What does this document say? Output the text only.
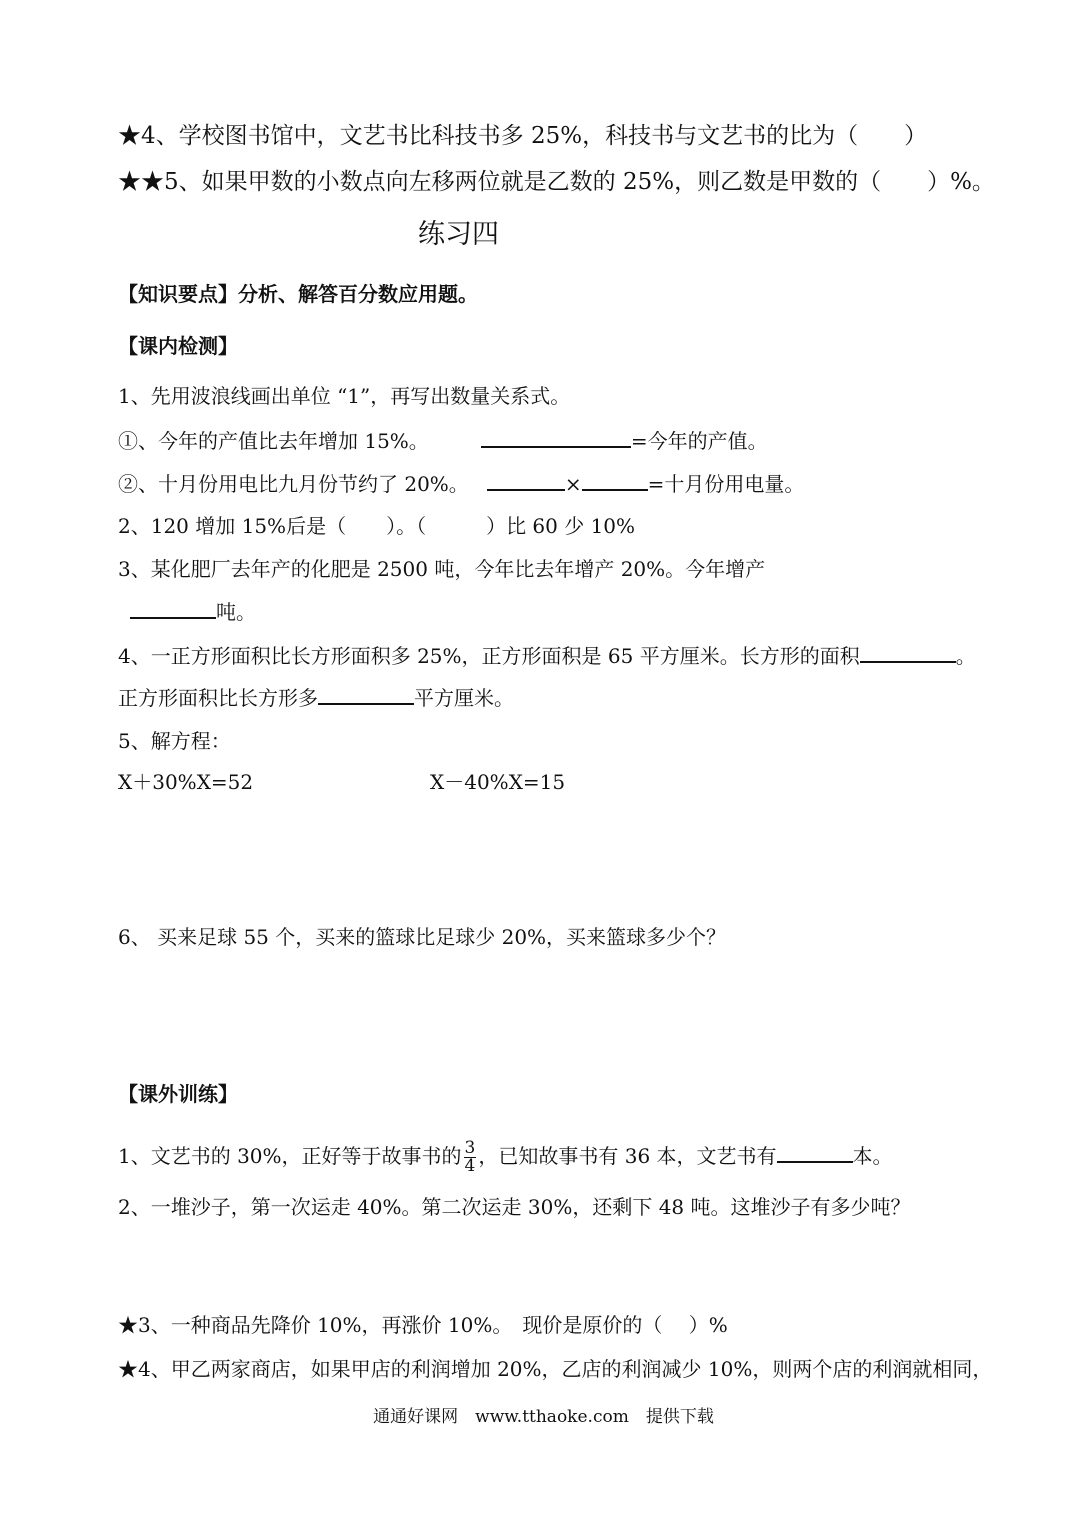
★4、学校图书馆中，文艺书比科技书多 25%，科技书与文艺书的比为（　　）
★★5、如果甲数的小数点向左移两位就是乙数的 25%，则乙数是甲数的（　　）%。
练习四
【知识要点】分析、解答百分数应用题。
【课内检测】
1、先用波浪线画出单位 “1”，再写出数量关系式。
①、今年的产值比去年增加 15%。	=今年的产值。
②、十月份用电比九月份节约了 20%。	×	=十月份用电量。
2、120 增加 15%后是（　　）。（　　　）比 60 少 10%
3、某化肥厂去年产的化肥是 2500 吨，今年比去年增产 20%。今年增产
吨。
4、一正方形面积比长方形面积多 25%，正方形面积是 65 平方厘米。长方形的面积	。
正方形面积比长方形多	平方厘米。
5、解方程：
X＋30%X=52	X－40%X=15
6、 买来足球 55 个，买来的篮球比足球少 20%，买来篮球多少个？
【课外训练】
1、文艺书的 30%，正好等于故事书的 $\frac{3}{4}$ ，已知故事书有 36 本，文艺书有	本。
2、一堆沙子，第一次运走 40%。第二次运走 30%，还剩下 48 吨。这堆沙子有多少吨？
★3、一种商品先降价 10%，再涨价 10%。　现价是原价的（　 ）%
★4、甲乙两家商店，如果甲店的利润增加 20%，乙店的利润减少 10%，则两个店的利润就相同，
通通好课网　www.tthaoke.com　提供下载
